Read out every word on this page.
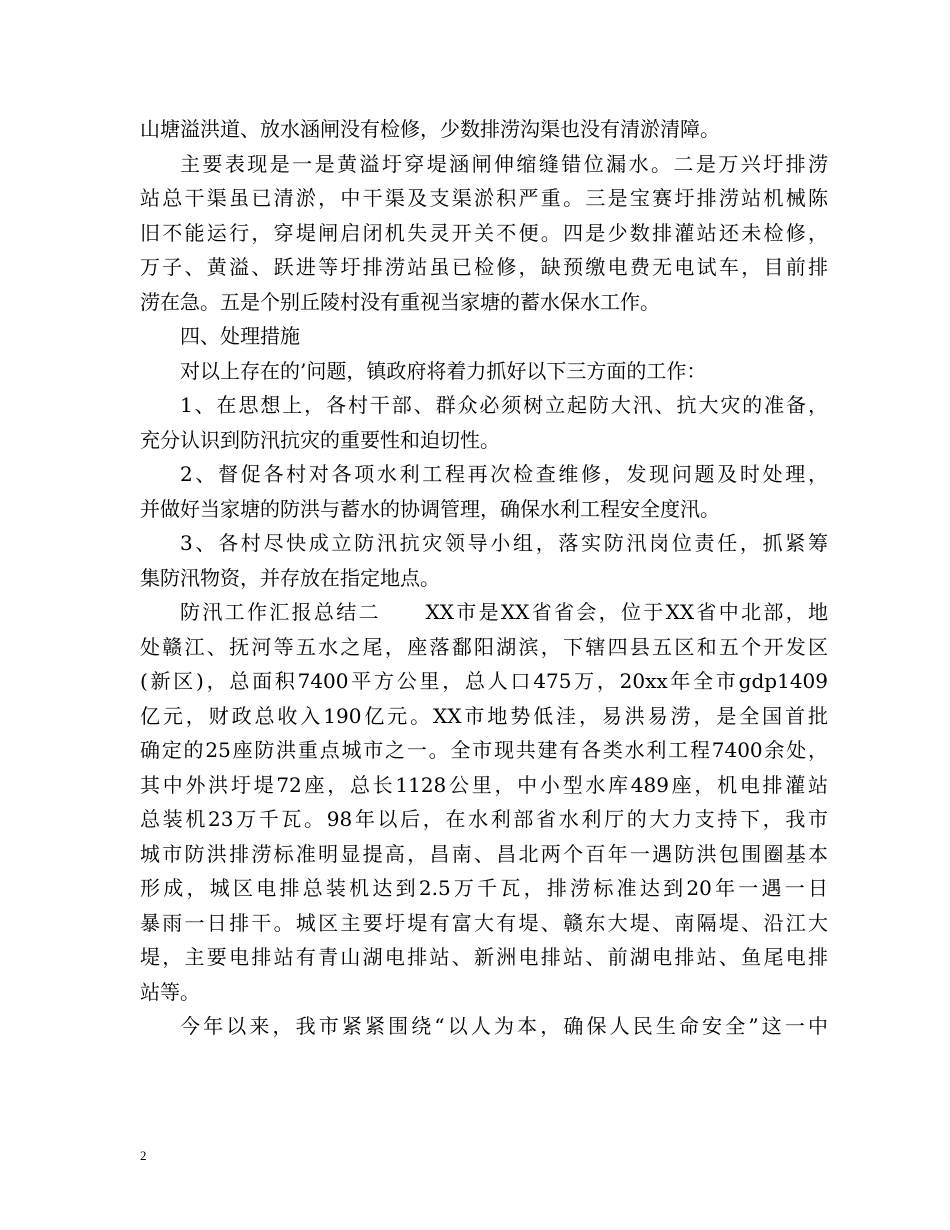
山塘溢洪道、放水涵闸没有检修，少数排涝沟渠也没有清淤清障。
主要表现是一是黄溢圩穿堤涵闸伸缩缝错位漏水。二是万兴圩排涝
站总干渠虽已清淤，中干渠及支渠淤积严重。三是宝赛圩排涝站机械陈
旧不能运行，穿堤闸启闭机失灵开关不便。四是少数排灌站还未检修，
万子、黄溢、跃进等圩排涝站虽已检修，缺预缴电费无电试车，目前排
涝在急。五是个别丘陵村没有重视当家塘的蓄水保水工作。
四、处理措施
对以上存在的’问题，镇政府将着力抓好以下三方面的工作：
1、在思想上，各村干部、群众必须树立起防大汛、抗大灾的准备，
充分认识到防汛抗灾的重要性和迫切性。
2、督促各村对各项水利工程再次检查维修，发现问题及时处理，
并做好当家塘的防洪与蓄水的协调管理，确保水利工程安全度汛。
3、各村尽快成立防汛抗灾领导小组，落实防汛岗位责任，抓紧筹
集防汛物资，并存放在指定地点。
防汛工作汇报总结二　　XX市是XX省省会，位于XX省中北部，地
处赣江、抚河等五水之尾，座落鄱阳湖滨，下辖四县五区和五个开发区
(新区)，总面积7400平方公里，总人口475万，20xx年全市gdp1409
亿元，财政总收入190亿元。XX市地势低洼，易洪易涝，是全国首批
确定的25座防洪重点城市之一。全市现共建有各类水利工程7400余处，
其中外洪圩堤72座，总长1128公里，中小型水库489座，机电排灌站
总装机23万千瓦。98年以后，在水利部省水利厅的大力支持下，我市
城市防洪排涝标准明显提高，昌南、昌北两个百年一遇防洪包围圈基本
形成，城区电排总装机达到2.5万千瓦，排涝标准达到20年一遇一日
暴雨一日排干。城区主要圩堤有富大有堤、赣东大堤、南隔堤、沿江大
堤，主要电排站有青山湖电排站、新洲电排站、前湖电排站、鱼尾电排
站等。
今年以来，我市紧紧围绕“以人为本，确保人民生命安全”这一中
2
